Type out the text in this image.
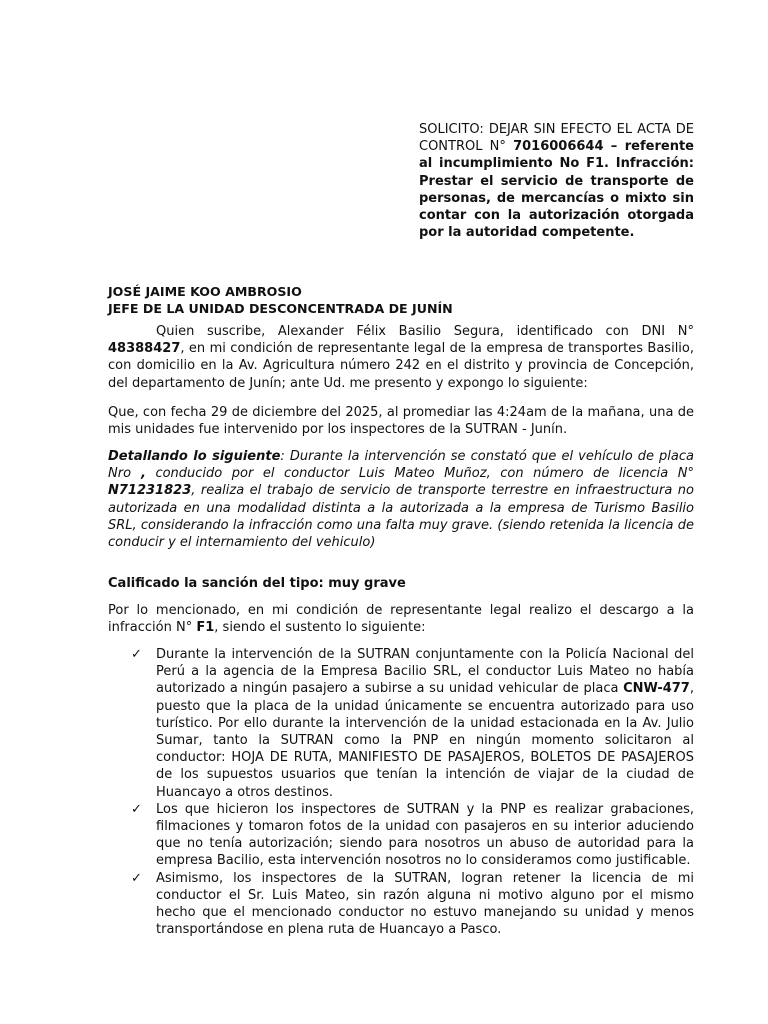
SOLICITO: DEJAR SIN EFECTO EL ACTA DE CONTROL N° 7016006644 – referente al incumplimiento No F1. Infracción: Prestar el servicio de transporte de personas, de mercancías o mixto sin contar con la autorización otorgada por la autoridad competente.
JOSÉ JAIME KOO AMBROSIO
JEFE DE LA UNIDAD DESCONCENTRADA DE JUNÍN
Quien suscribe, Alexander Félix Basilio Segura, identificado con DNI N° 48388427, en mi condición de representante legal de la empresa de transportes Basilio, con domicilio en la Av. Agricultura número 242 en el distrito y provincia de Concepción, del departamento de Junín; ante Ud. me presento y expongo lo siguiente:
Que, con fecha 29 de diciembre del 2025, al promediar las 4:24am de la mañana, una de mis unidades fue intervenido por los inspectores de la SUTRAN - Junín.
Detallando lo siguiente: Durante la intervención se constató que el vehículo de placa Nro , conducido por el conductor Luis Mateo Muñoz, con número de licencia N° N71231823, realiza el trabajo de servicio de transporte terrestre en infraestructura no autorizada en una modalidad distinta a la autorizada a la empresa de Turismo Basilio SRL, considerando la infracción como una falta muy grave. (siendo retenida la licencia de conducir y el internamiento del vehiculo)
Calificado la sanción del tipo: muy grave
Por lo mencionado, en mi condición de representante legal realizo el descargo a la infracción N° F1, siendo el sustento lo siguiente:
✓ Durante la intervención de la SUTRAN conjuntamente con la Policía Nacional del Perú a la agencia de la Empresa Bacilio SRL, el conductor Luis Mateo no había autorizado a ningún pasajero a subirse a su unidad vehicular de placa CNW-477, puesto que la placa de la unidad únicamente se encuentra autorizado para uso turístico. Por ello durante la intervención de la unidad estacionada en la Av. Julio Sumar, tanto la SUTRAN como la PNP en ningún momento solicitaron al conductor: HOJA DE RUTA, MANIFIESTO DE PASAJEROS, BOLETOS DE PASAJEROS de los supuestos usuarios que tenían la intención de viajar de la ciudad de Huancayo a otros destinos.
✓ Los que hicieron los inspectores de SUTRAN y la PNP es realizar grabaciones, filmaciones y tomaron fotos de la unidad con pasajeros en su interior aduciendo que no tenía autorización; siendo para nosotros un abuso de autoridad para la empresa Bacilio, esta intervención nosotros no lo consideramos como justificable.
✓ Asimismo, los inspectores de la SUTRAN, logran retener la licencia de mi conductor el Sr. Luis Mateo, sin razón alguna ni motivo alguno por el mismo hecho que el mencionado conductor no estuvo manejando su unidad y menos transportándose en plena ruta de Huancayo a Pasco.
